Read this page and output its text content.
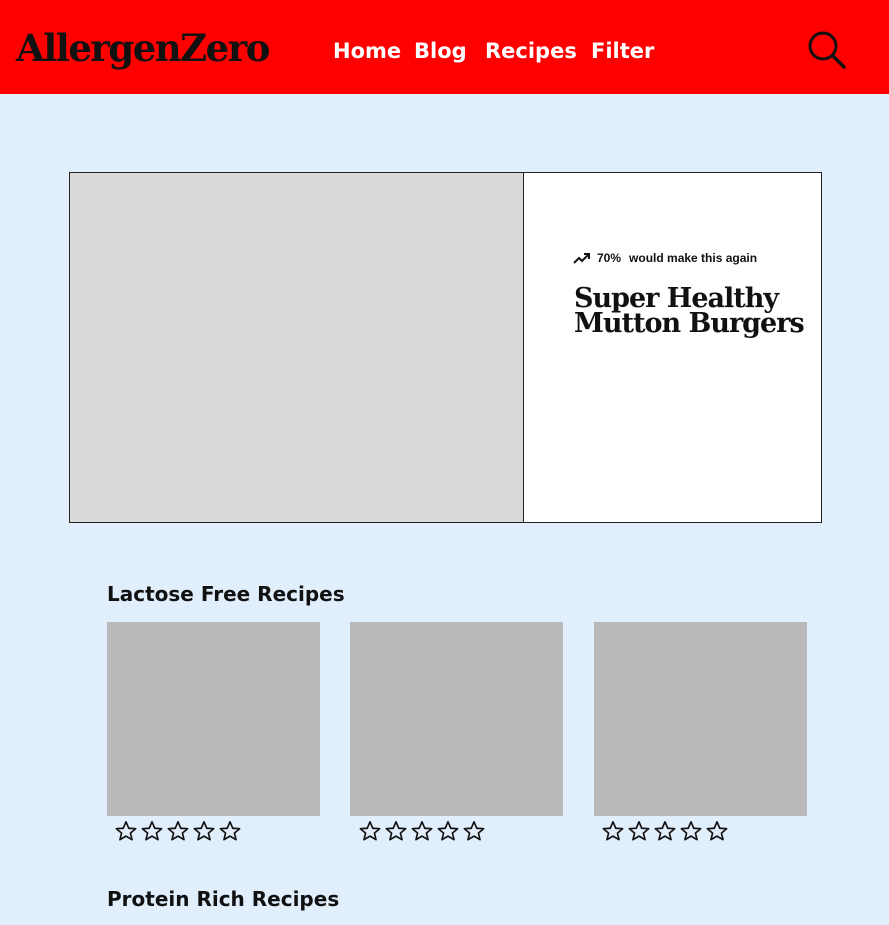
AllergenZero	Home Blog Recipes Filter
70% would make this again
Super Healthy
Mutton Burgers
Lactose Free Recipes
Protein Rich Recipes
